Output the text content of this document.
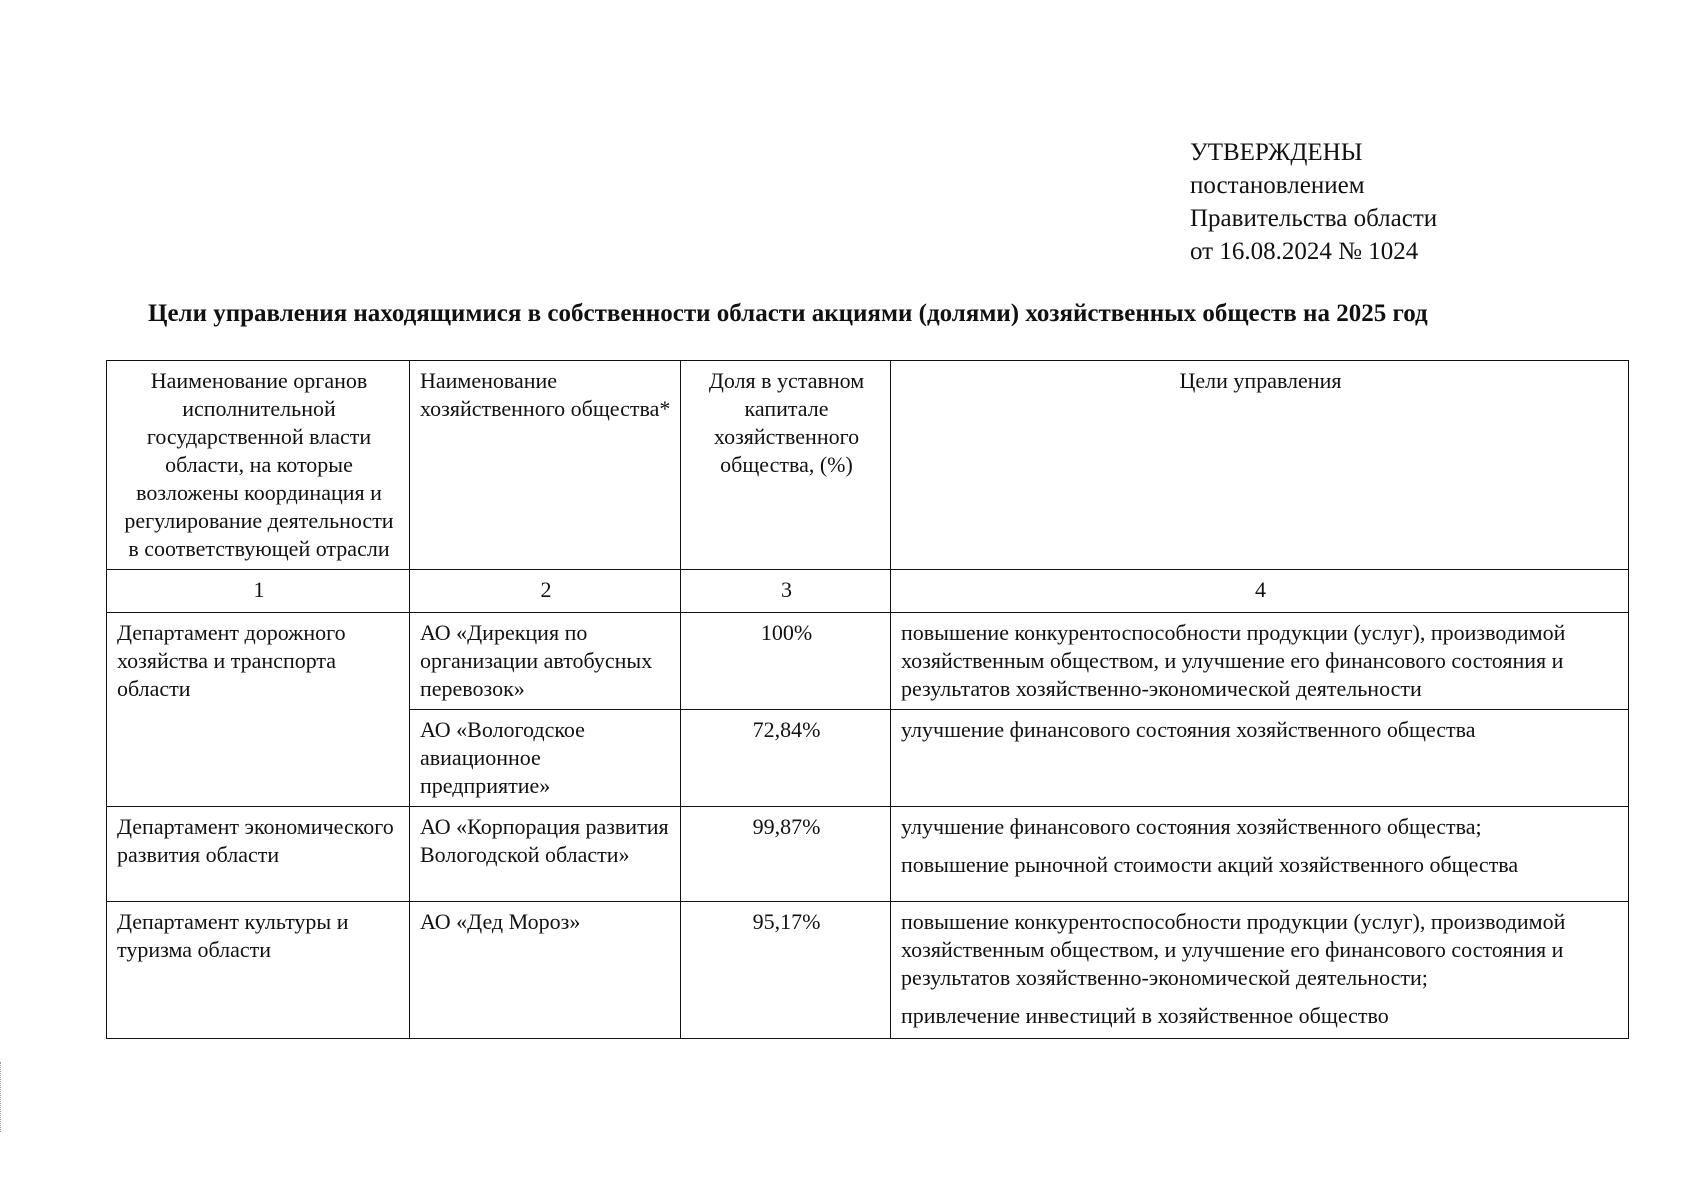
УТВЕРЖДЕНЫ
постановлением
Правительства области
от 16.08.2024 № 1024
Цели управления находящимися в собственности области акциями (долями) хозяйственных обществ на 2025 год
Наименование органов исполнительной государственной власти области, на которые возложены координация и регулирование деятельности в соответствующей отрасли	Наименование хозяйственного общества*	Доля в уставном капитале хозяйственного общества, (%)	Цели управления
1	2	3	4
Департамент дорожного хозяйства и транспорта области	АО «Дирекция по организации автобусных перевозок»	100%	повышение конкурентоспособности продукции (услуг), производимой хозяйственным обществом, и улучшение его финансового состояния и результатов хозяйственно-экономической деятельности

	АО «Вологодское авиационное предприятие»	72,84%	улучшение финансового состояния хозяйственного общества

Департамент экономического развития области	АО «Корпорация развития Вологодской области»	99,87%	улучшение финансового состояния хозяйственного общества;
повышение рыночной стоимости акций хозяйственного общества

Департамент культуры и туризма области	АО «Дед Мороз»	95,17%	повышение конкурентоспособности продукции (услуг), производимой хозяйственным обществом, и улучшение его финансового состояния и результатов хозяйственно-экономической деятельности;
привлечение инвестиций в хозяйственное общество
